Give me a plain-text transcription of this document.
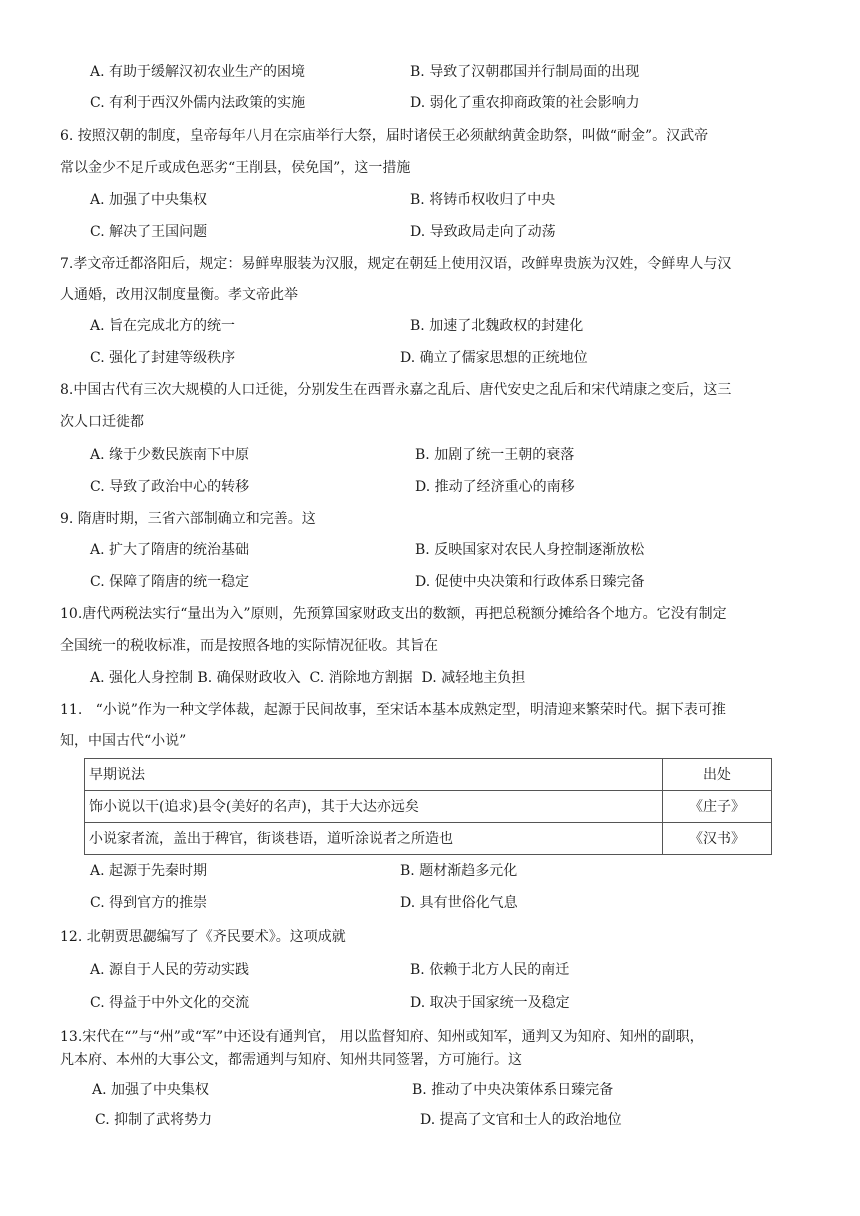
A. 有助于缓解汉初农业生产的困境	B. 导致了汉朝郡国并行制局面的出现
C. 有利于西汉外儒内法政策的实施	D. 弱化了重农抑商政策的社会影响力
6. 按照汉朝的制度，皇帝每年八月在宗庙举行大祭，届时诸侯王必须献纳黄金助祭，叫做“耐金”。汉武帝
常以金少不足斤或成色恶劣“王削县，侯免国”，这一措施
A. 加强了中央集权	B. 将铸币权收归了中央
C. 解决了王国问题	D. 导致政局走向了动荡
7.孝文帝迁都洛阳后，规定：易鲜卑服装为汉服，规定在朝廷上使用汉语，改鲜卑贵族为汉姓，令鲜卑人与汉
人通婚，改用汉制度量衡。孝文帝此举
A. 旨在完成北方的统一	B. 加速了北魏政权的封建化
C. 强化了封建等级秩序	D. 确立了儒家思想的正统地位
8.中国古代有三次大规模的人口迁徙，分别发生在西晋永嘉之乱后、唐代安史之乱后和宋代靖康之变后，这三
次人口迁徙都
A. 缘于少数民族南下中原	B. 加剧了统一王朝的衰落
C. 导致了政治中心的转移	D. 推动了经济重心的南移
9. 隋唐时期，三省六部制确立和完善。这
A. 扩大了隋唐的统治基础	B. 反映国家对农民人身控制逐渐放松
C. 保障了隋唐的统一稳定	D. 促使中央决策和行政体系日臻完备
10.唐代两税法实行“量出为入”原则，先预算国家财政支出的数额，再把总税额分摊给各个地方。它没有制定
全国统一的税收标准，而是按照各地的实际情况征收。其旨在
A. 强化人身控制 B. 确保财政收入  C. 消除地方割据  D. 减轻地主负担
11.   “小说”作为一种文学体裁，起源于民间故事，至宋话本基本成熟定型，明清迎来繁荣时代。据下表可推
知，中国古代“小说”
早期说法	出处
饰小说以干(追求)县令(美好的名声)，其于大达亦远矣	《庄子》
小说家者流，盖出于稗官，街谈巷语，道听涂说者之所造也	《汉书》
A. 起源于先秦时期	B. 题材渐趋多元化
C. 得到官方的推崇	D. 具有世俗化气息
12. 北朝贾思勰编写了《齐民要术》。这项成就
A. 源自于人民的劳动实践	B. 依赖于北方人民的南迁
C. 得益于中外文化的交流	D. 取决于国家统一及稳定
13.宋代在“”与“州”或“军”中还设有通判官， 用以监督知府、知州或知军，通判又为知府、知州的副职，
凡本府、本州的大事公文，都需通判与知府、知州共同签署，方可施行。这
A. 加强了中央集权	B. 推动了中央决策体系日臻完备
C. 抑制了武将势力	D. 提高了文官和士人的政治地位
